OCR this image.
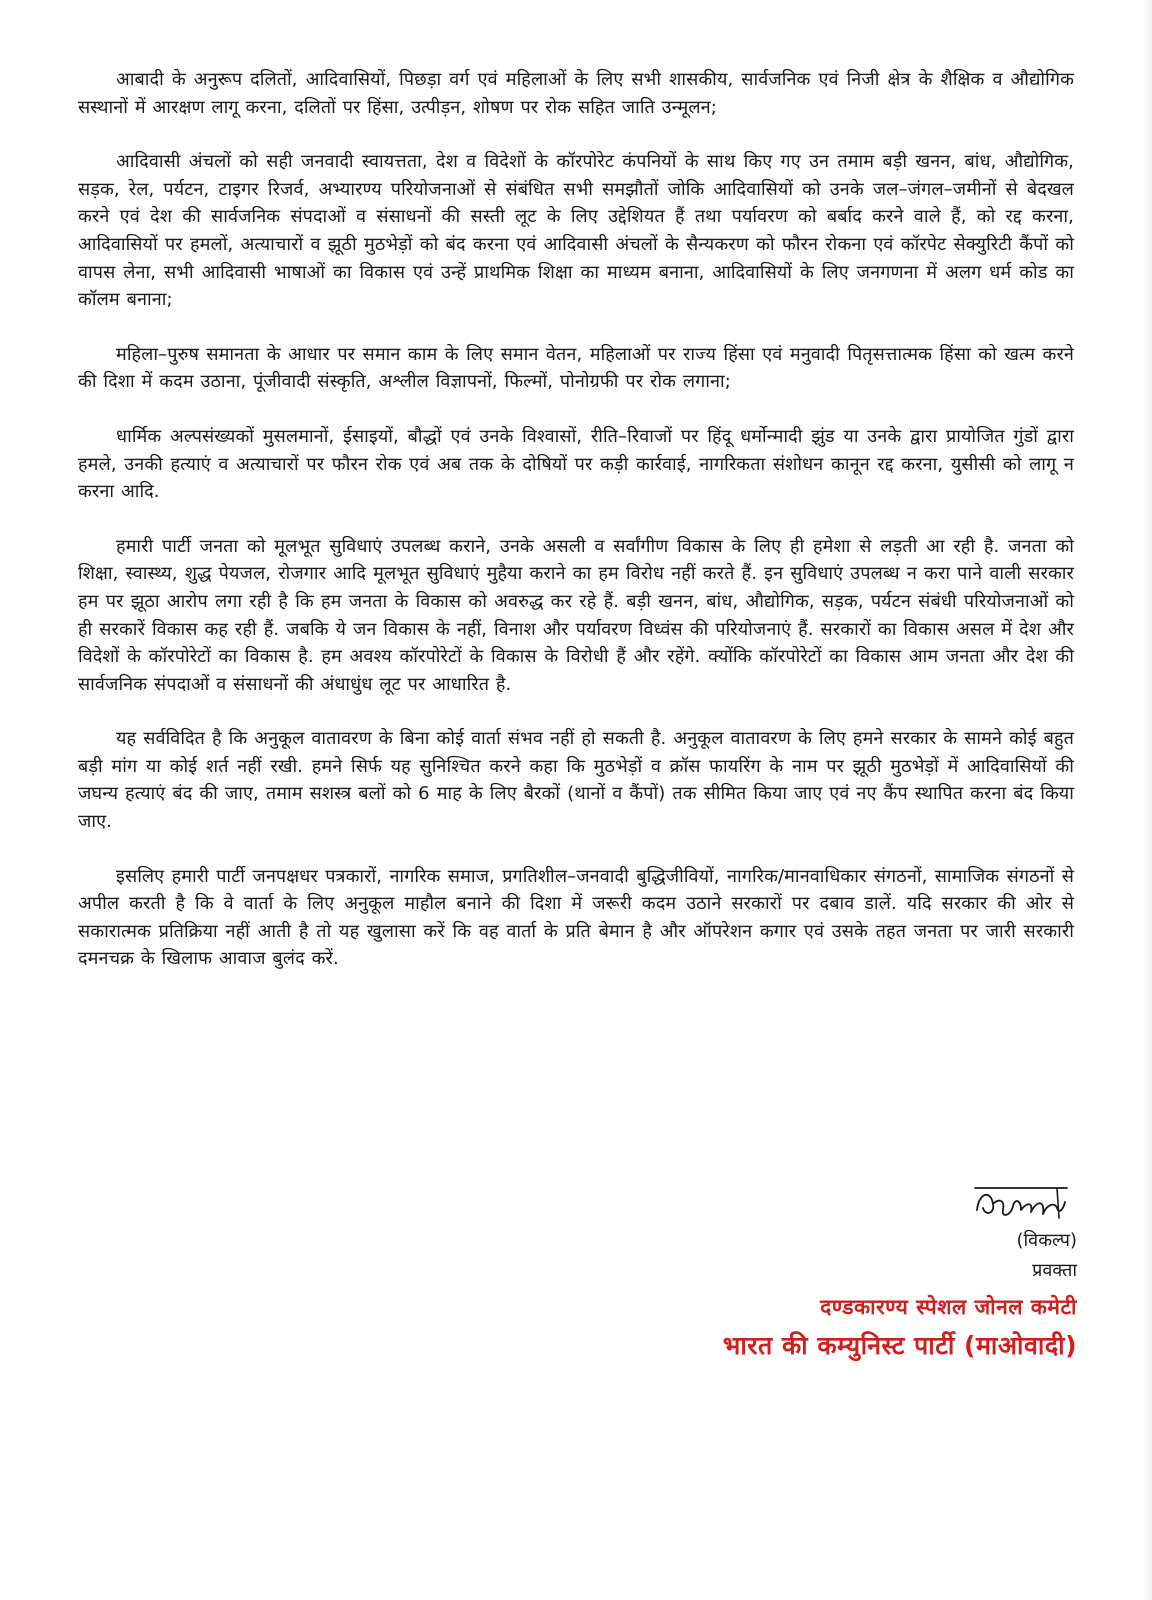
आबादी के अनुरूप दलितों, आदिवासियों, पिछड़ा वर्ग एवं महिलाओं के लिए सभी शासकीय, सार्वजनिक एवं निजी क्षेत्र के शैक्षिक व औद्योगिक सस्थानों में आरक्षण लागू करना, दलितों पर हिंसा, उत्पीड़न, शोषण पर रोक सहित जाति उन्मूलन;

आदिवासी अंचलों को सही जनवादी स्वायत्तता, देश व विदेशों के कॉरपोरेट कंपनियों के साथ किए गए उन तमाम बड़ी खनन, बांध, औद्योगिक, सड़क, रेल, पर्यटन, टाइगर रिजर्व, अभ्यारण्य परियोजनाओं से संबंधित सभी समझौतों जोकि आदिवासियों को उनके जल–जंगल–जमीनों से बेदखल करने एवं देश की सार्वजनिक संपदाओं व संसाधनों की सस्ती लूट के लिए उद्देशियत हैं तथा पर्यावरण को बर्बाद करने वाले हैं, को रद्द करना, आदिवासियों पर हमलों, अत्याचारों व झूठी मुठभेड़ों को बंद करना एवं आदिवासी अंचलों के सैन्यकरण को फौरन रोकना एवं कॉरपेट सेक्युरिटी कैंपों को वापस लेना, सभी आदिवासी भाषाओं का विकास एवं उन्हें प्राथमिक शिक्षा का माध्यम बनाना, आदिवासियों के लिए जनगणना में अलग धर्म कोड का कॉलम बनाना;

महिला–पुरुष समानता के आधार पर समान काम के लिए समान वेतन, महिलाओं पर राज्य हिंसा एवं मनुवादी पितृसत्तात्मक हिंसा को खत्म करने की दिशा में कदम उठाना, पूंजीवादी संस्कृति, अश्लील विज्ञापनों, फिल्मों, पोनोग्रफी पर रोक लगाना;

धार्मिक अल्पसंख्यकों मुसलमानों, ईसाइयों, बौद्धों एवं उनके विश्वासों, रीति–रिवाजों पर हिंदू धर्मोन्मादी झुंड या उनके द्वारा प्रायोजित गुंडों द्वारा हमले, उनकी हत्याएं व अत्याचारों पर फौरन रोक एवं अब तक के दोषियों पर कड़ी कार्रवाई, नागरिकता संशोधन कानून रद्द करना, युसीसी को लागू न करना आदि.

हमारी पार्टी जनता को मूलभूत सुविधाएं उपलब्ध कराने, उनके असली व सर्वांगीण विकास के लिए ही हमेशा से लड़ती आ रही है. जनता को शिक्षा, स्वास्थ्य, शुद्ध पेयजल, रोजगार आदि मूलभूत सुविधाएं मुहैया कराने का हम विरोध नहीं करते हैं. इन सुविधाएं उपलब्ध न करा पाने वाली सरकार हम पर झूठा आरोप लगा रही है कि हम जनता के विकास को अवरुद्ध कर रहे हैं. बड़ी खनन, बांध, औद्योगिक, सड़क, पर्यटन संबंधी परियोजनाओं को ही सरकारें विकास कह रही हैं. जबकि ये जन विकास के नहीं, विनाश और पर्यावरण विध्वंस की परियोजनाएं हैं. सरकारों का विकास असल में देश और विदेशों के कॉरपोरेटों का विकास है. हम अवश्य कॉरपोरेटों के विकास के विरोधी हैं और रहेंगे. क्योंकि कॉरपोरेटों का विकास आम जनता और देश की सार्वजनिक संपदाओं व संसाधनों की अंधाधुंध लूट पर आधारित है.

यह सर्वविदित है कि अनुकूल वातावरण के बिना कोई वार्ता संभव नहीं हो सकती है. अनुकूल वातावरण के लिए हमने सरकार के सामने कोई बहुत बड़ी मांग या कोई शर्त नहीं रखी. हमने सिर्फ यह सुनिश्चित करने कहा कि मुठभेड़ों व क्रॉस फायरिंग के नाम पर झूठी मुठभेड़ों में आदिवासियों की जघन्य हत्याएं बंद की जाए, तमाम सशस्त्र बलों को 6 माह के लिए बैरकों (थानों व कैंपों) तक सीमित किया जाए एवं नए कैंप स्थापित करना बंद किया जाए.

इसलिए हमारी पार्टी जनपक्षधर पत्रकारों, नागरिक समाज, प्रगतिशील–जनवादी बुद्धिजीवियों, नागरिक/मानवाधिकार संगठनों, सामाजिक संगठनों से अपील करती है कि वे वार्ता के लिए अनुकूल माहौल बनाने की दिशा में जरूरी कदम उठाने सरकारों पर दबाव डालें. यदि सरकार की ओर से सकारात्मक प्रतिक्रिया नहीं आती है तो यह खुलासा करें कि वह वार्ता के प्रति बेमान है और ऑपरेशन कगार एवं उसके तहत जनता पर जारी सरकारी दमनचक्र के खिलाफ आवाज बुलंद करें.

(विकल्प)
प्रवक्ता
दण्डकारण्य स्पेशल जोनल कमेटी
भारत की कम्युनिस्ट पार्टी (माओवादी)
